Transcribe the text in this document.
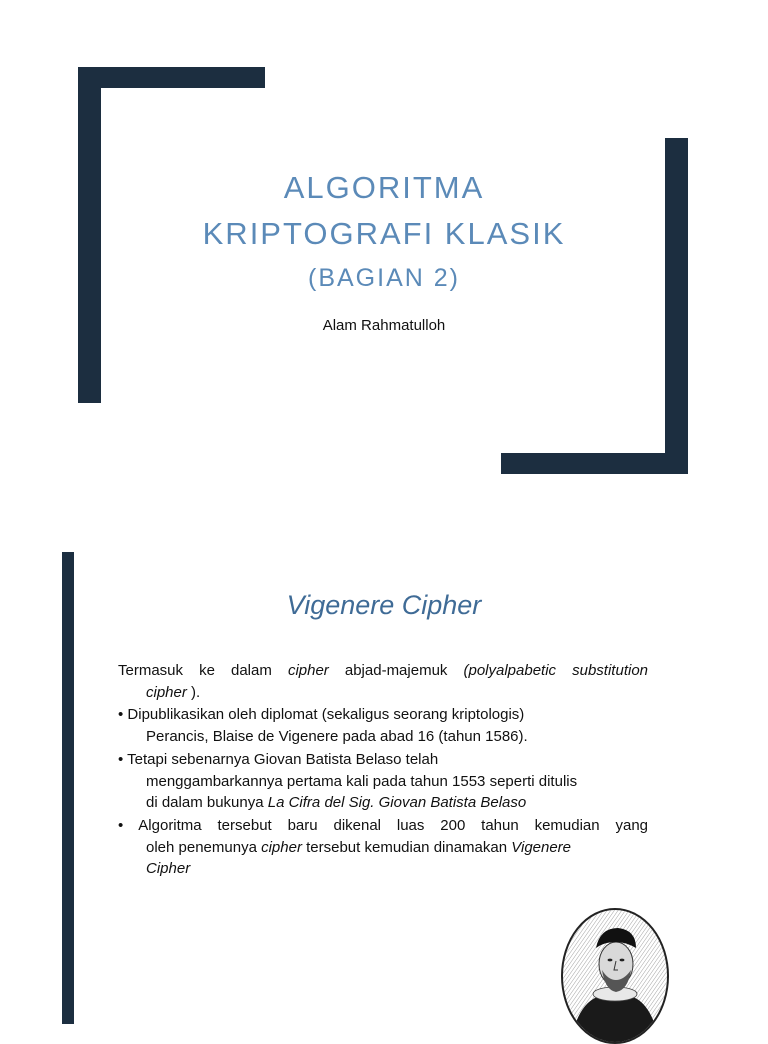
ALGORITMA
KRIPTOGRAFI KLASIK
(BAGIAN 2)
Alam Rahmatulloh
Vigenere Cipher
Termasuk ke dalam cipher abjad-majemuk (polyalpabetic substitution
cipher ).
• Dipublikasikan oleh diplomat (sekaligus seorang kriptologis)
Perancis, Blaise de Vigenere pada abad 16 (tahun 1586).
• Tetapi sebenarnya Giovan Batista Belaso telah
menggambarkannya pertama kali pada tahun 1553 seperti ditulis
di dalam bukunya La Cifra del Sig. Giovan Batista Belaso
• Algoritma tersebut baru dikenal luas 200 tahun kemudian yang
oleh penemunya cipher tersebut kemudian dinamakan Vigenere
Cipher
